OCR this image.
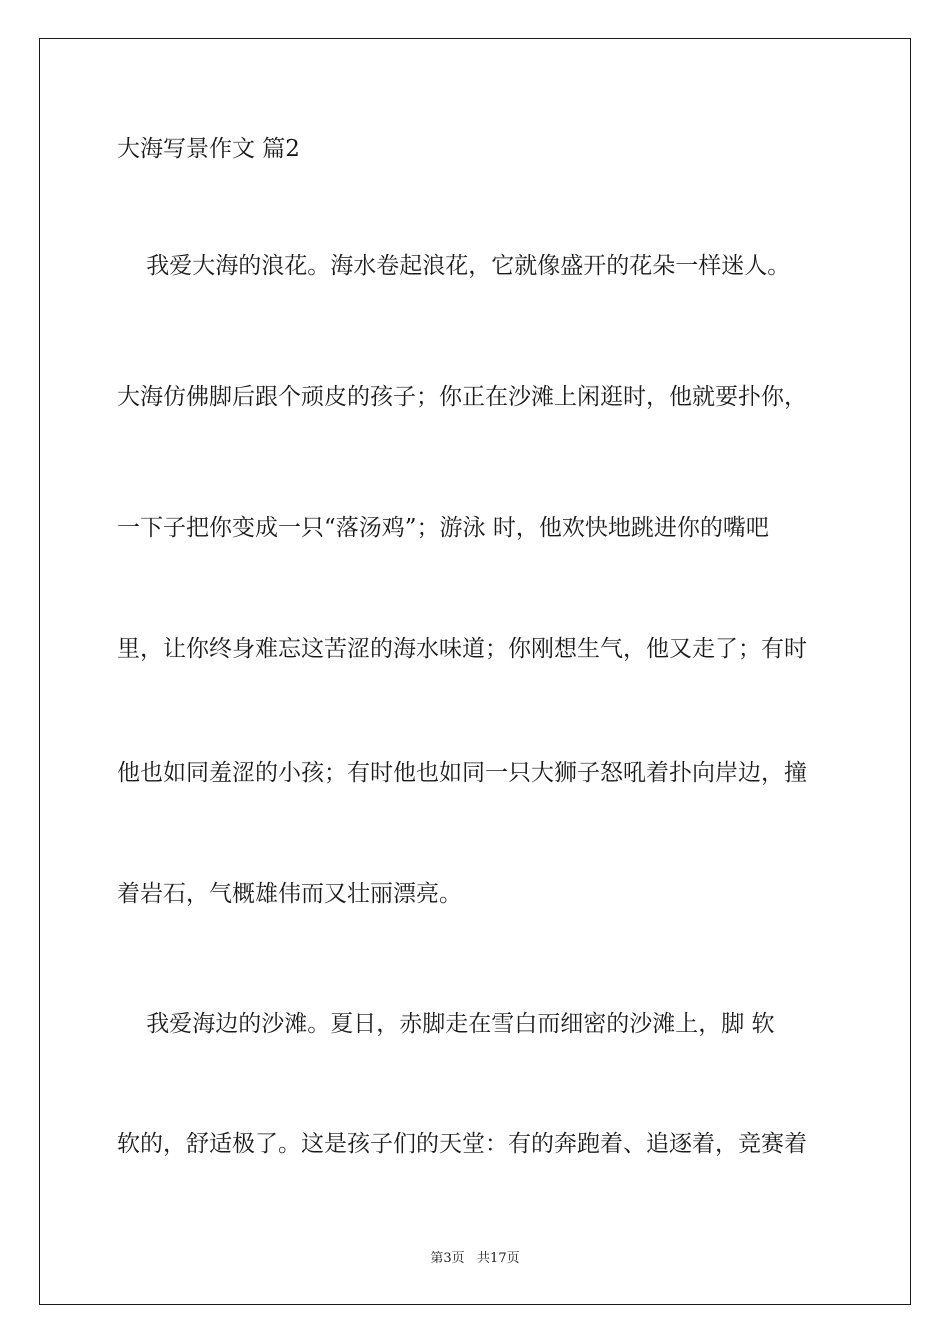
大海写景作文 篇2
我爱大海的浪花。海水卷起浪花，它就像盛开的花朵一样迷人。
大海仿佛脚后跟个顽皮的孩子；你正在沙滩上闲逛时，他就要扑你，
一下子把你变成一只“落汤鸡”；游泳 时，他欢快地跳进你的嘴吧
里，让你终身难忘这苦涩的海水味道；你刚想生气，他又走了；有时
他也如同羞涩的小孩；有时他也如同一只大狮子怒吼着扑向岸边，撞
着岩石，气概雄伟而又壮丽漂亮。
我爱海边的沙滩。夏日，赤脚走在雪白而细密的沙滩上，脚 软
软的，舒适极了。这是孩子们的天堂：有的奔跑着、追逐着，竞赛着
第3页   共17页
